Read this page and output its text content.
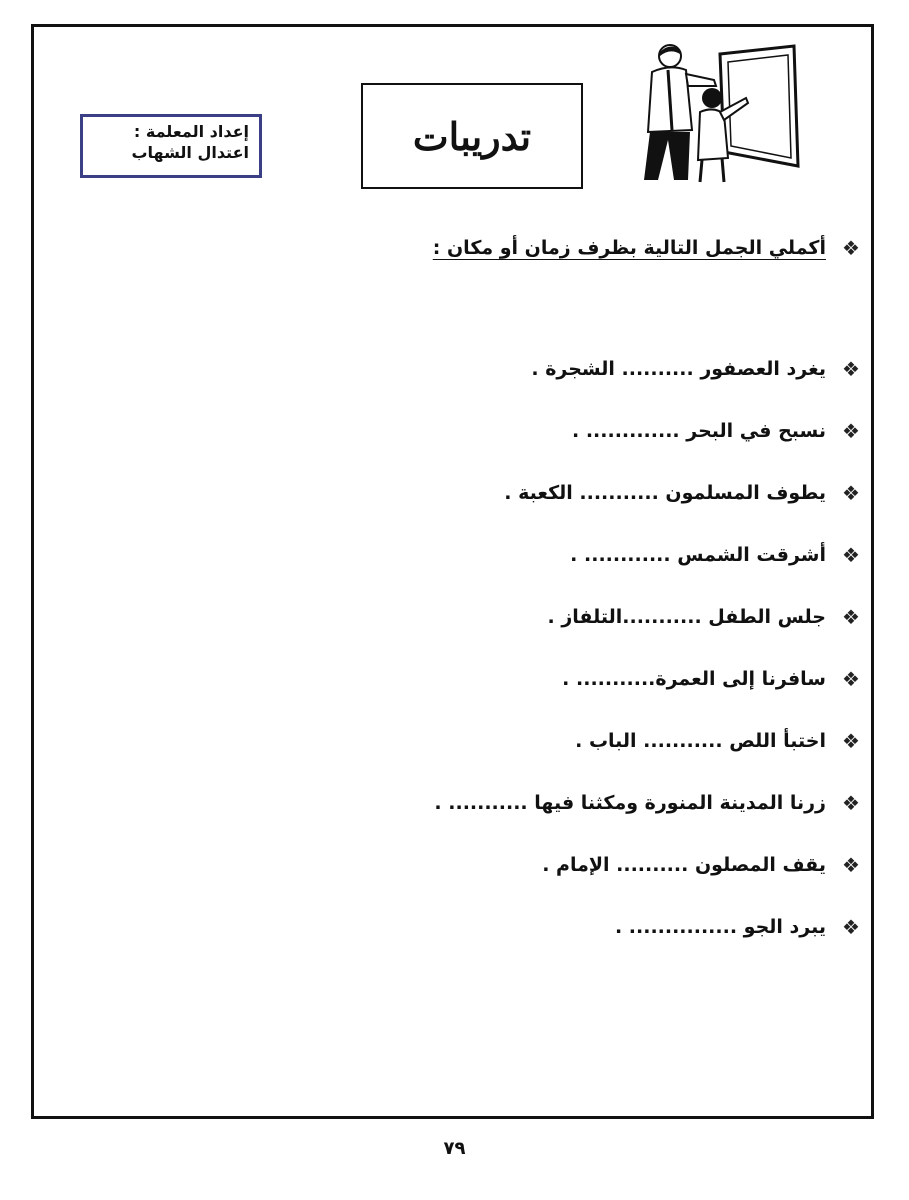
تدريبات
إعداد المعلمة :
اعتدال الشهاب
❖
أكملي الجمل التالية بظرف زمان أو مكان :
❖
يغرد العصفور .......... الشجرة .
❖
نسبح في البحر ............. .
❖
يطوف المسلمون ........... الكعبة .
❖
أشرقت الشمس ............ .
❖
جلس الطفل ...........التلفاز .
❖
سافرنا إلى العمرة........... .
❖
اختبأ اللص ........... الباب .
❖
زرنا المدينة المنورة ومكثنا فيها ........... .
❖
يقف المصلون .......... الإمام .
❖
يبرد الجو ............... .
٧٩
